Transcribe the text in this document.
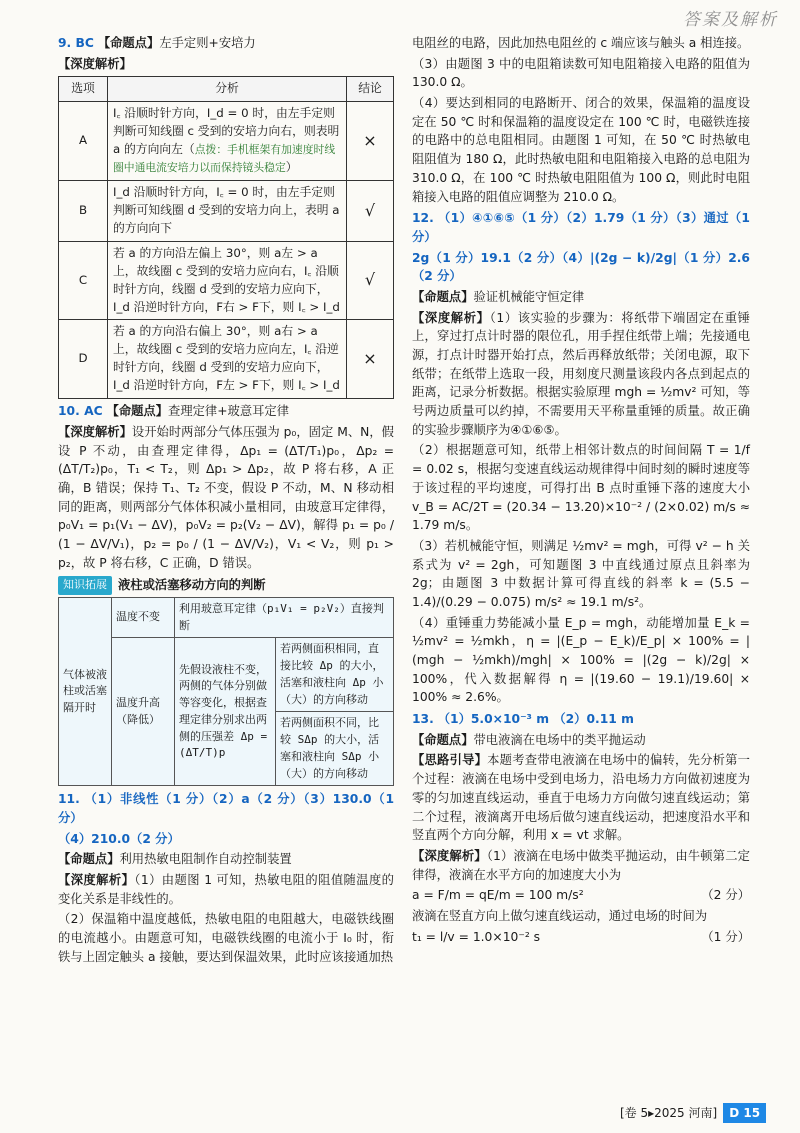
答案及解析

9. BC 【命题点】左手定则+安培力

【深度解析】

选项	分析	结论
A	I꜀ 沿顺时针方向，I_d = 0 时，由左手定则判断可知线圈 c 受到的安培力向右，则表明 a 的方向向左（点拨：手机框架有加速度时线圈中通电流安培力以而保持镜头稳定）	×
B	I_d 沿顺时针方向，I꜀ = 0 时，由左手定则判断可知线圈 d 受到的安培力向上，表明 a 的方向向下	√
C	若 a 的方向沿左偏上 30°，则 a左 > a上，故线圈 c 受到的安培力应向右，I꜀ 沿顺时针方向，线圈 d 受到的安培力应向下，I_d 沿逆时针方向，F右 > F下，则 I꜀ > I_d	√
D	若 a 的方向沿右偏上 30°，则 a右 > a上，故线圈 c 受到的安培力应向左，I꜀ 沿逆时针方向，线圈 d 受到的安培力应向下，I_d 沿逆时针方向，F左 > F下，则 I꜀ > I_d	×

10. AC 【命题点】查理定律+玻意耳定律

【深度解析】设开始时两部分气体压强为 p₀，固定 M、N，假设 P 不动，由查理定律得，Δp₁ = (ΔT/T₁)p₀，Δp₂ = (ΔT/T₂)p₀，T₁ < T₂，则 Δp₁ > Δp₂，故 P 将右移，A 正确，B 错误；保持 T₁、T₂ 不变，假设 P 不动，M、N 移动相同的距离，则两部分气体体积减小量相同，由玻意耳定律得，p₀V₁ = p₁(V₁ − ΔV)，p₀V₂ = p₂(V₂ − ΔV)，解得 p₁ = p₀ / (1 − ΔV/V₁)，p₂ = p₀ / (1 − ΔV/V₂)，V₁ < V₂，则 p₁ > p₂，故 P 将右移，C 正确，D 错误。

知识拓展 液柱或活塞移动方向的判断
气体被液柱或活塞隔开时	温度不变	利用玻意耳定律（p₁V₁ = p₂V₂）直接判断	
	温度升高（降低）	先假设液柱不变，两侧的气体分别做等容变化，根据查理定律分别求出两侧的压强差 Δp = (ΔT/T)p	若两侧面积相同，直接比较 Δp 的大小，活塞和液柱向 Δp 小（大）的方向移动
			若两侧面积不同，比较 SΔp 的大小，活塞和液柱向 SΔp 小（大）的方向移动

11. （1）非线性（1 分）（2）a（2 分）（3）130.0（1 分）

（4）210.0（2 分）

【命题点】利用热敏电阻制作自动控制装置

【深度解析】（1）由题图 1 可知，热敏电阻的阻值随温度的变化关系是非线性的。

（2）保温箱中温度越低，热敏电阻的电阻越大，电磁铁线圈的电流越小。由题意可知，电磁铁线圈的电流小于 I₀ 时，衔铁与上固定触头 a 接触，要达到保温效果，此时应该接通加热

电阻丝的电路，因此加热电阻丝的 c 端应该与触头 a 相连接。

（3）由题图 3 中的电阻箱读数可知电阻箱接入电路的阻值为 130.0 Ω。

（4）要达到相同的电路断开、闭合的效果，保温箱的温度设定在 50 ℃ 时和保温箱的温度设定在 100 ℃ 时，电磁铁连接的电路中的总电阻相同。由题图 1 可知，在 50 ℃ 时热敏电阻阻值为 180 Ω，此时热敏电阻和电阻箱接入电路的总电阻为 310.0 Ω，在 100 ℃ 时热敏电阻阻值为 100 Ω，则此时电阻箱接入电路的阻值应调整为 210.0 Ω。

12. （1）④①⑥⑤（1 分）（2）1.79（1 分）（3）通过（1 分）

2g（1 分）19.1（2 分）（4）|(2g − k)/2g|（1 分）2.6（2 分）

【命题点】验证机械能守恒定律

【深度解析】（1）该实验的步骤为：将纸带下端固定在重锤上，穿过打点计时器的限位孔，用手捏住纸带上端；先接通电源，打点计时器开始打点，然后再释放纸带；关闭电源，取下纸带；在纸带上选取一段，用刻度尺测量该段内各点到起点的距离，记录分析数据。根据实验原理 mgh = ½mv² 可知，等号两边质量可以约掉，不需要用天平称量重锤的质量。故正确的实验步骤顺序为④①⑥⑤。

（2）根据题意可知，纸带上相邻计数点的时间间隔 T = 1/f = 0.02 s，根据匀变速直线运动规律得中间时刻的瞬时速度等于该过程的平均速度，可得打出 B 点时重锤下落的速度大小 v_B = AC/2T = (20.34 − 13.20)×10⁻² / (2×0.02) m/s ≈ 1.79 m/s。

（3）若机械能守恒，则满足 ½mv² = mgh，可得 v² − h 关系式为 v² = 2gh，可知题图 3 中直线通过原点且斜率为 2g；由题图 3 中数据计算可得直线的斜率 k = (5.5 − 1.4)/(0.29 − 0.075) m/s² ≈ 19.1 m/s²。

（4）重锤重力势能减小量 E_p = mgh，动能增加量 E_k = ½mv² = ½mkh，η = |(E_p − E_k)/E_p| × 100% = |(mgh − ½mkh)/mgh| × 100% = |(2g − k)/2g| × 100%，代入数据解得 η = |(19.60 − 19.1)/19.60| × 100% ≈ 2.6%。

13. （1）5.0×10⁻³ m （2）0.11 m

【命题点】带电液滴在电场中的类平抛运动

【思路引导】本题考查带电液滴在电场中的偏转，先分析第一个过程：液滴在电场中受到电场力，沿电场力方向做初速度为零的匀加速直线运动，垂直于电场力方向做匀速直线运动；第二个过程，液滴离开电场后做匀速直线运动，把速度沿水平和竖直两个方向分解，利用 x = vt 求解。

【深度解析】（1）液滴在电场中做类平抛运动，由牛顿第二定律得，液滴在水平方向的加速度大小为

a = F/m = qE/m = 100 m/s²	（2 分）

液滴在竖直方向上做匀速直线运动，通过电场的时间为

t₁ = l/v = 1.0×10⁻² s	（1 分）

[卷 5▸2025 河南]	D 15
